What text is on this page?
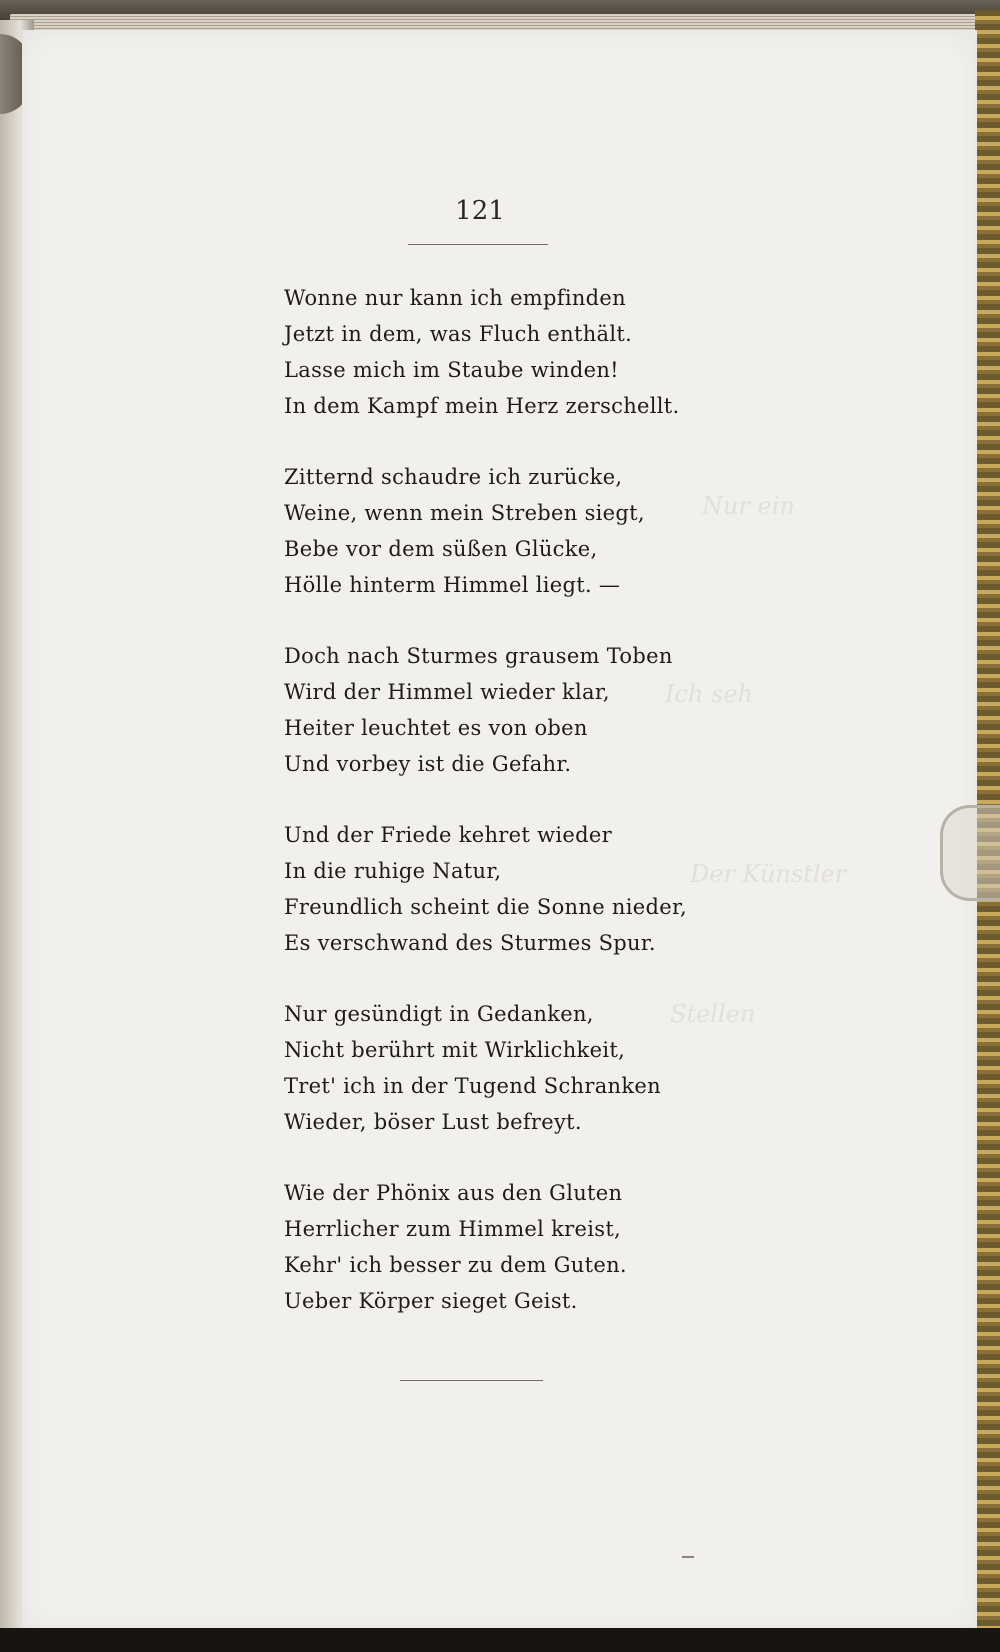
Nur ein
Ich seh
Der Künstler
Stellen
121
Wonne nur kann ich empfinden
Jetzt in dem, was Fluch enthält.
Lasse mich im Staube winden!
In dem Kampf mein Herz zerschellt.
Zitternd schaudre ich zurücke,
Weine, wenn mein Streben siegt,
Bebe vor dem süßen Glücke,
Hölle hinterm Himmel liegt. —
Doch nach Sturmes grausem Toben
Wird der Himmel wieder klar,
Heiter leuchtet es von oben
Und vorbey ist die Gefahr.
Und der Friede kehret wieder
In die ruhige Natur,
Freundlich scheint die Sonne nieder,
Es verschwand des Sturmes Spur.
Nur gesündigt in Gedanken,
Nicht berührt mit Wirklichkeit,
Tret' ich in der Tugend Schranken
Wieder, böser Lust befreyt.
Wie der Phönix aus den Gluten
Herrlicher zum Himmel kreist,
Kehr' ich besser zu dem Guten.
Ueber Körper sieget Geist.
